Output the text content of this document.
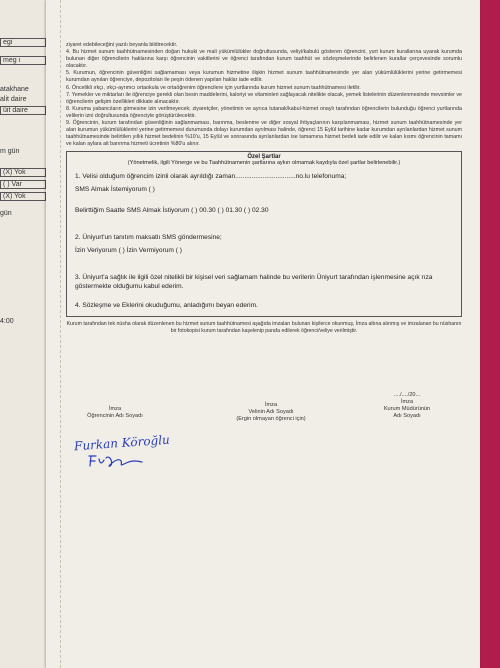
egi
meg i
atakhane
alit daire
üit daire
m gün
(X) Yok
( ) Var
(X) Yok
gün
4:00

ziyaret edebileceğini yazılı beyanla bildirecektir.

4. Bu hizmet sunum taahhütnamesinden doğan hukuki ve mali yükümlülükler doğrultusunda, veliyi/kabulü gösteren öğrencini, yurt kurum kurallarına uyarak kurumda bulunan diğer öğrencilerin haklarına karşı öğrencinin vakitlerini ve öğrenci tarafından kurum taahhüt ve sözleşmelerinde belirlenen kurallar çerçevesinde sorumlu olacaktır.

5. Kurumun, öğrencinin güvenliğini sağlamaması veya kurumun hizmetine ilişkin hizmet sunum taahhütnamesinde yer alan yükümlülüklerini yerine getirmemesi kurumdan aynılan öğrenciye, depozitoları ile peşin ödenen yapılan haklar iade edilir.

6. Öncelikli ırkçı, ırkçı-ayrımcı ortaokula ve ortaöğrenim öğrencilere için yurtlarında kurum hizmet sunum taahhütnamesi iletilir.

7. Yemekler ve miktarları ile öğrenciye gerekli olan besin maddelerini, kaloriyi ve vitaminleri sağlayacak nitelikte olacak, yemek listelerinin düzenlenmesinde mevsimler ve öğrencilerin gelişim özellikleri dikkate alınacaktır.

8. Kuruma yabancıların girmesine izin verilmeyecek; ziyaretçiler, yönetimin ve ayrıca tutanak/kabul-hizmet onaylı tarafından öğrencilerin bulunduğu öğrenci yurtlarında velilerin izni doğrultusunda öğrenciyle görüştürülecektir.

9. Öğrencinin, kurum tarafından güvenliğinin sağlanmaması, barınma, beslenme ve diğer sosyal ihtiyaçlarının karşılanmaması, hizmet sunum taahhütnamesinde yer alan kurumun yükümlülüklerini yerine getirmemesi durumunda dolayı kurumdan ayrılması halinde, öğrenci 15 Eylül tarihine kadar kurumdan ayrılanlardan hizmet sunum taahhütnamesinde belirtilen yıllık hizmet bedelinin %10'u, 15 Eylül ve sonrasında ayrılanlardan ise tamamına hizmet bedeli iade edilir ve kalan kısmı öğrencinin tamamı ve kalan aylara ait barınma hizmeti ücretinin %80'u alınır.

Özel Şartlar
(Yönetmelik, ilgili Yönerge ve bu Taahhütnamenin şartlarına aykırı olmamak kaydıyla özel şartlar belirlenebilir.)
1. Velisi olduğum öğrencim izinli olarak ayrıldığı zaman.................................no.lu telefonuma;
SMS Almak İstemiyorum ( )
Belirttiğim Saatte SMS Almak İstiyorum ( ) 00.30 ( ) 01.30 ( ) 02.30
2. Üniyurt'un tanıtım maksatlı SMS göndermesine;
İzin Veriyorum ( ) İzin Vermiyorum ( )
3. Üniyurt'a sağlık ile ilgili özel nitelikli bir kişisel veri sağlamam halinde bu verilerin Üniyurt tarafından işlenmesine açık rıza göstermekte olduğumu kabul ederim.
4. Sözleşme ve Eklerini okuduğumu, anladığımı beyan ederim.
Kurum tarafından tek nüsha olarak düzenlenen bu hizmet sunum taahhütnamesi aşağıda imzaları bulunan kişilerce okunmuş, İmza altına alınmış ve imzalanan bu nüshanın bir fotokopisi kurum tarafından kaşelenip parafa edilerek öğrenci/veliye verilmiştir.
İmza
Öğrencinin Adı Soyadı
İmza
Velinin Adı Soyadı
(Ergin olmayan öğrenci için)
..../..../20...
İmza
Kurum Müdürünün
Adı Soyadı
Furkan Köroğlu
